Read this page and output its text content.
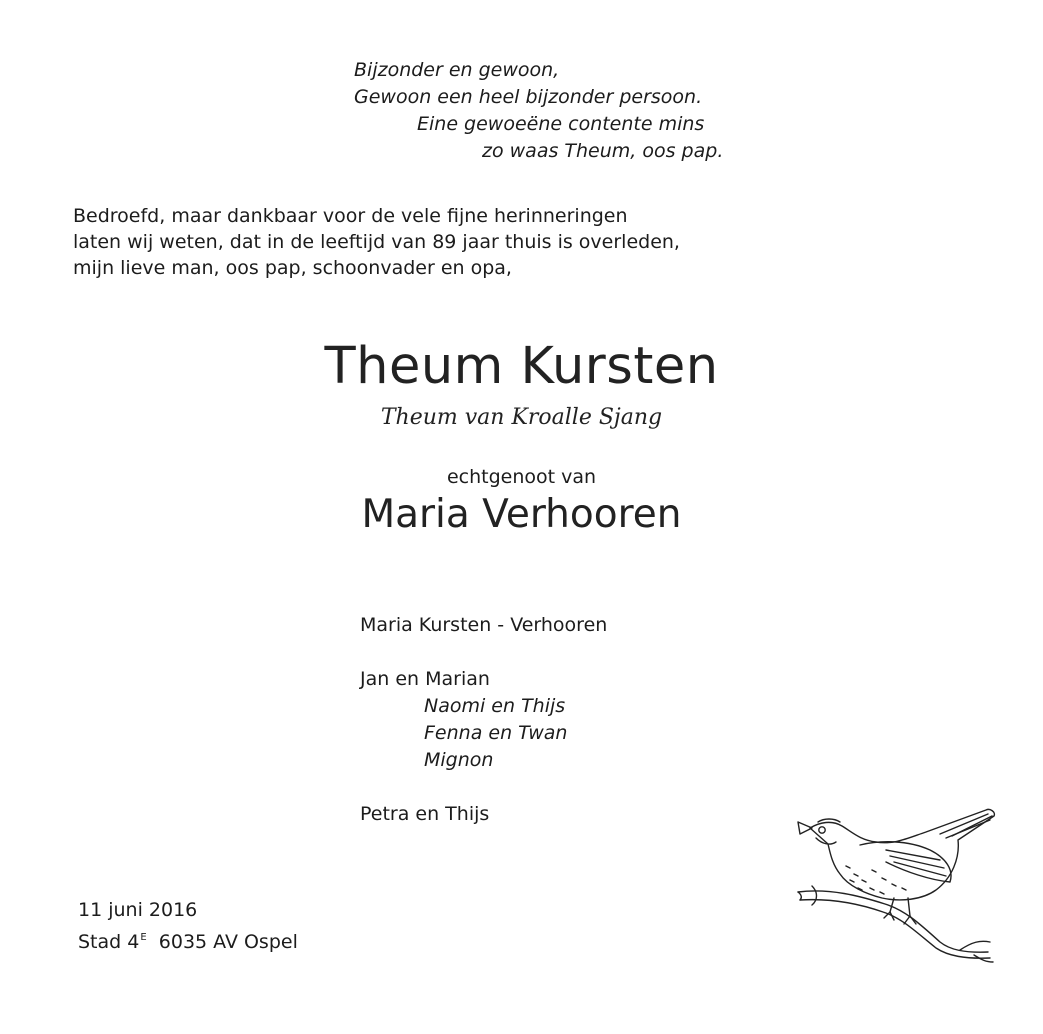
Bijzonder en gewoon,
Gewoon een heel bijzonder persoon.
Eine gewoeëne contente mins
zo waas Theum, oos pap.
Bedroefd, maar dankbaar voor de vele fijne herinneringen
laten wij weten, dat in de leeftijd van 89 jaar thuis is overleden,
mijn lieve man, oos pap, schoonvader en opa,
Theum Kursten
Theum van Kroalle Sjang
echtgenoot van
Maria Verhooren
Maria Kursten - Verhooren
Jan en Marian
Naomi en Thijs
Fenna en Twan
Mignon
Petra en Thijs
11 juni 2016
Stad $4^E$ 6035 AV Ospel
